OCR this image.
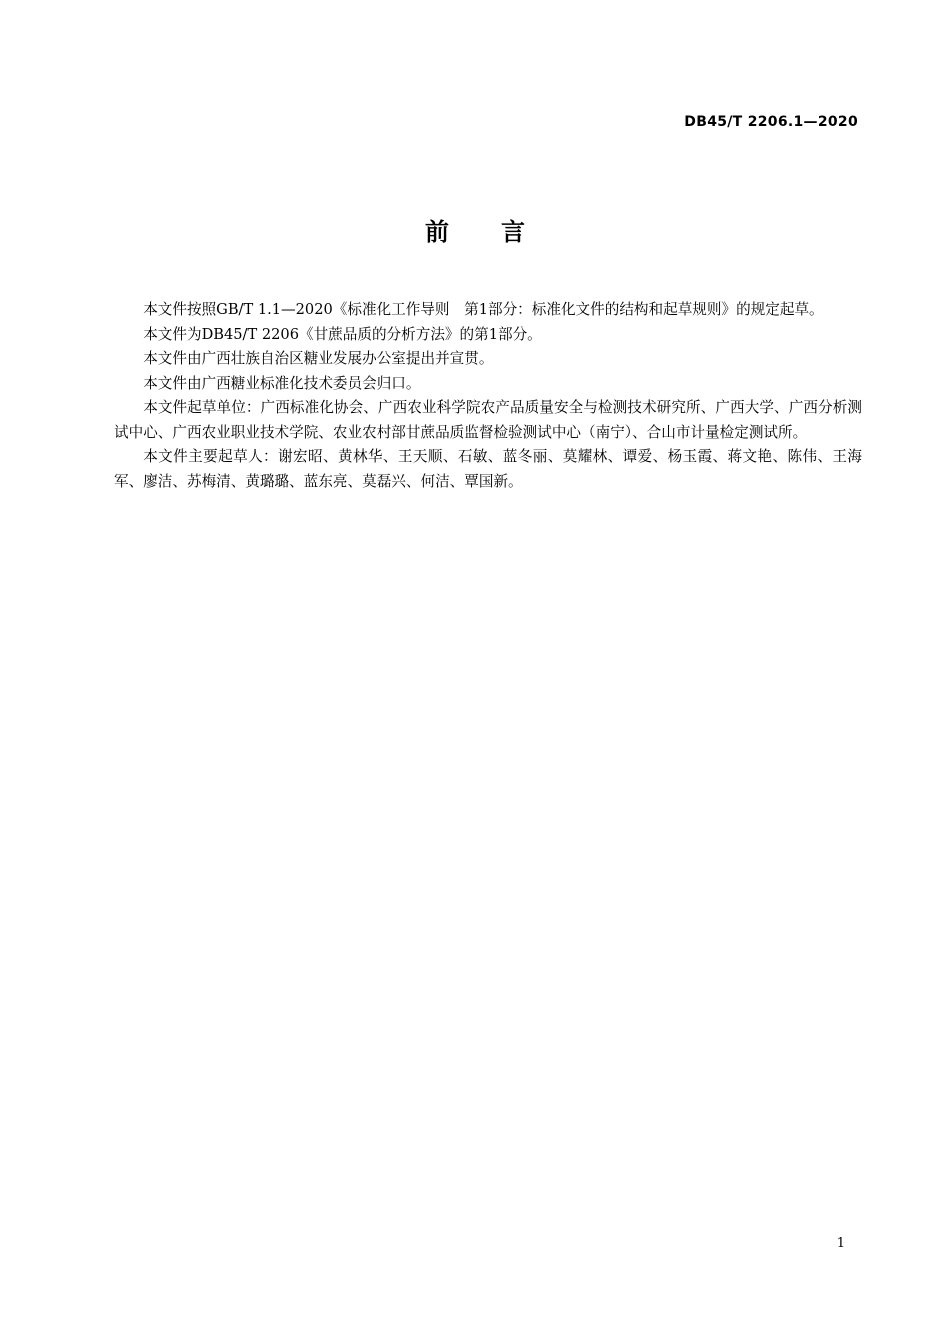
DB45/T 2206.1—2020
前言

本文件按照GB/T 1.1—2020《标准化工作导则　第1部分：标准化文件的结构和起草规则》的规定起草。

本文件为DB45/T 2206《甘蔗品质的分析方法》的第1部分。

本文件由广西壮族自治区糖业发展办公室提出并宣贯。

本文件由广西糖业标准化技术委员会归口。

本文件起草单位：广西标准化协会、广西农业科学院农产品质量安全与检测技术研究所、广西大学、广西分析测试中心、广西农业职业技术学院、农业农村部甘蔗品质监督检验测试中心（南宁）、合山市计量检定测试所。

本文件主要起草人：谢宏昭、黄林华、王天顺、石敏、蓝冬丽、莫耀林、谭爱、杨玉霞、蒋文艳、陈伟、王海军、廖洁、苏梅清、黄璐璐、蓝东亮、莫磊兴、何洁、覃国新。

1
